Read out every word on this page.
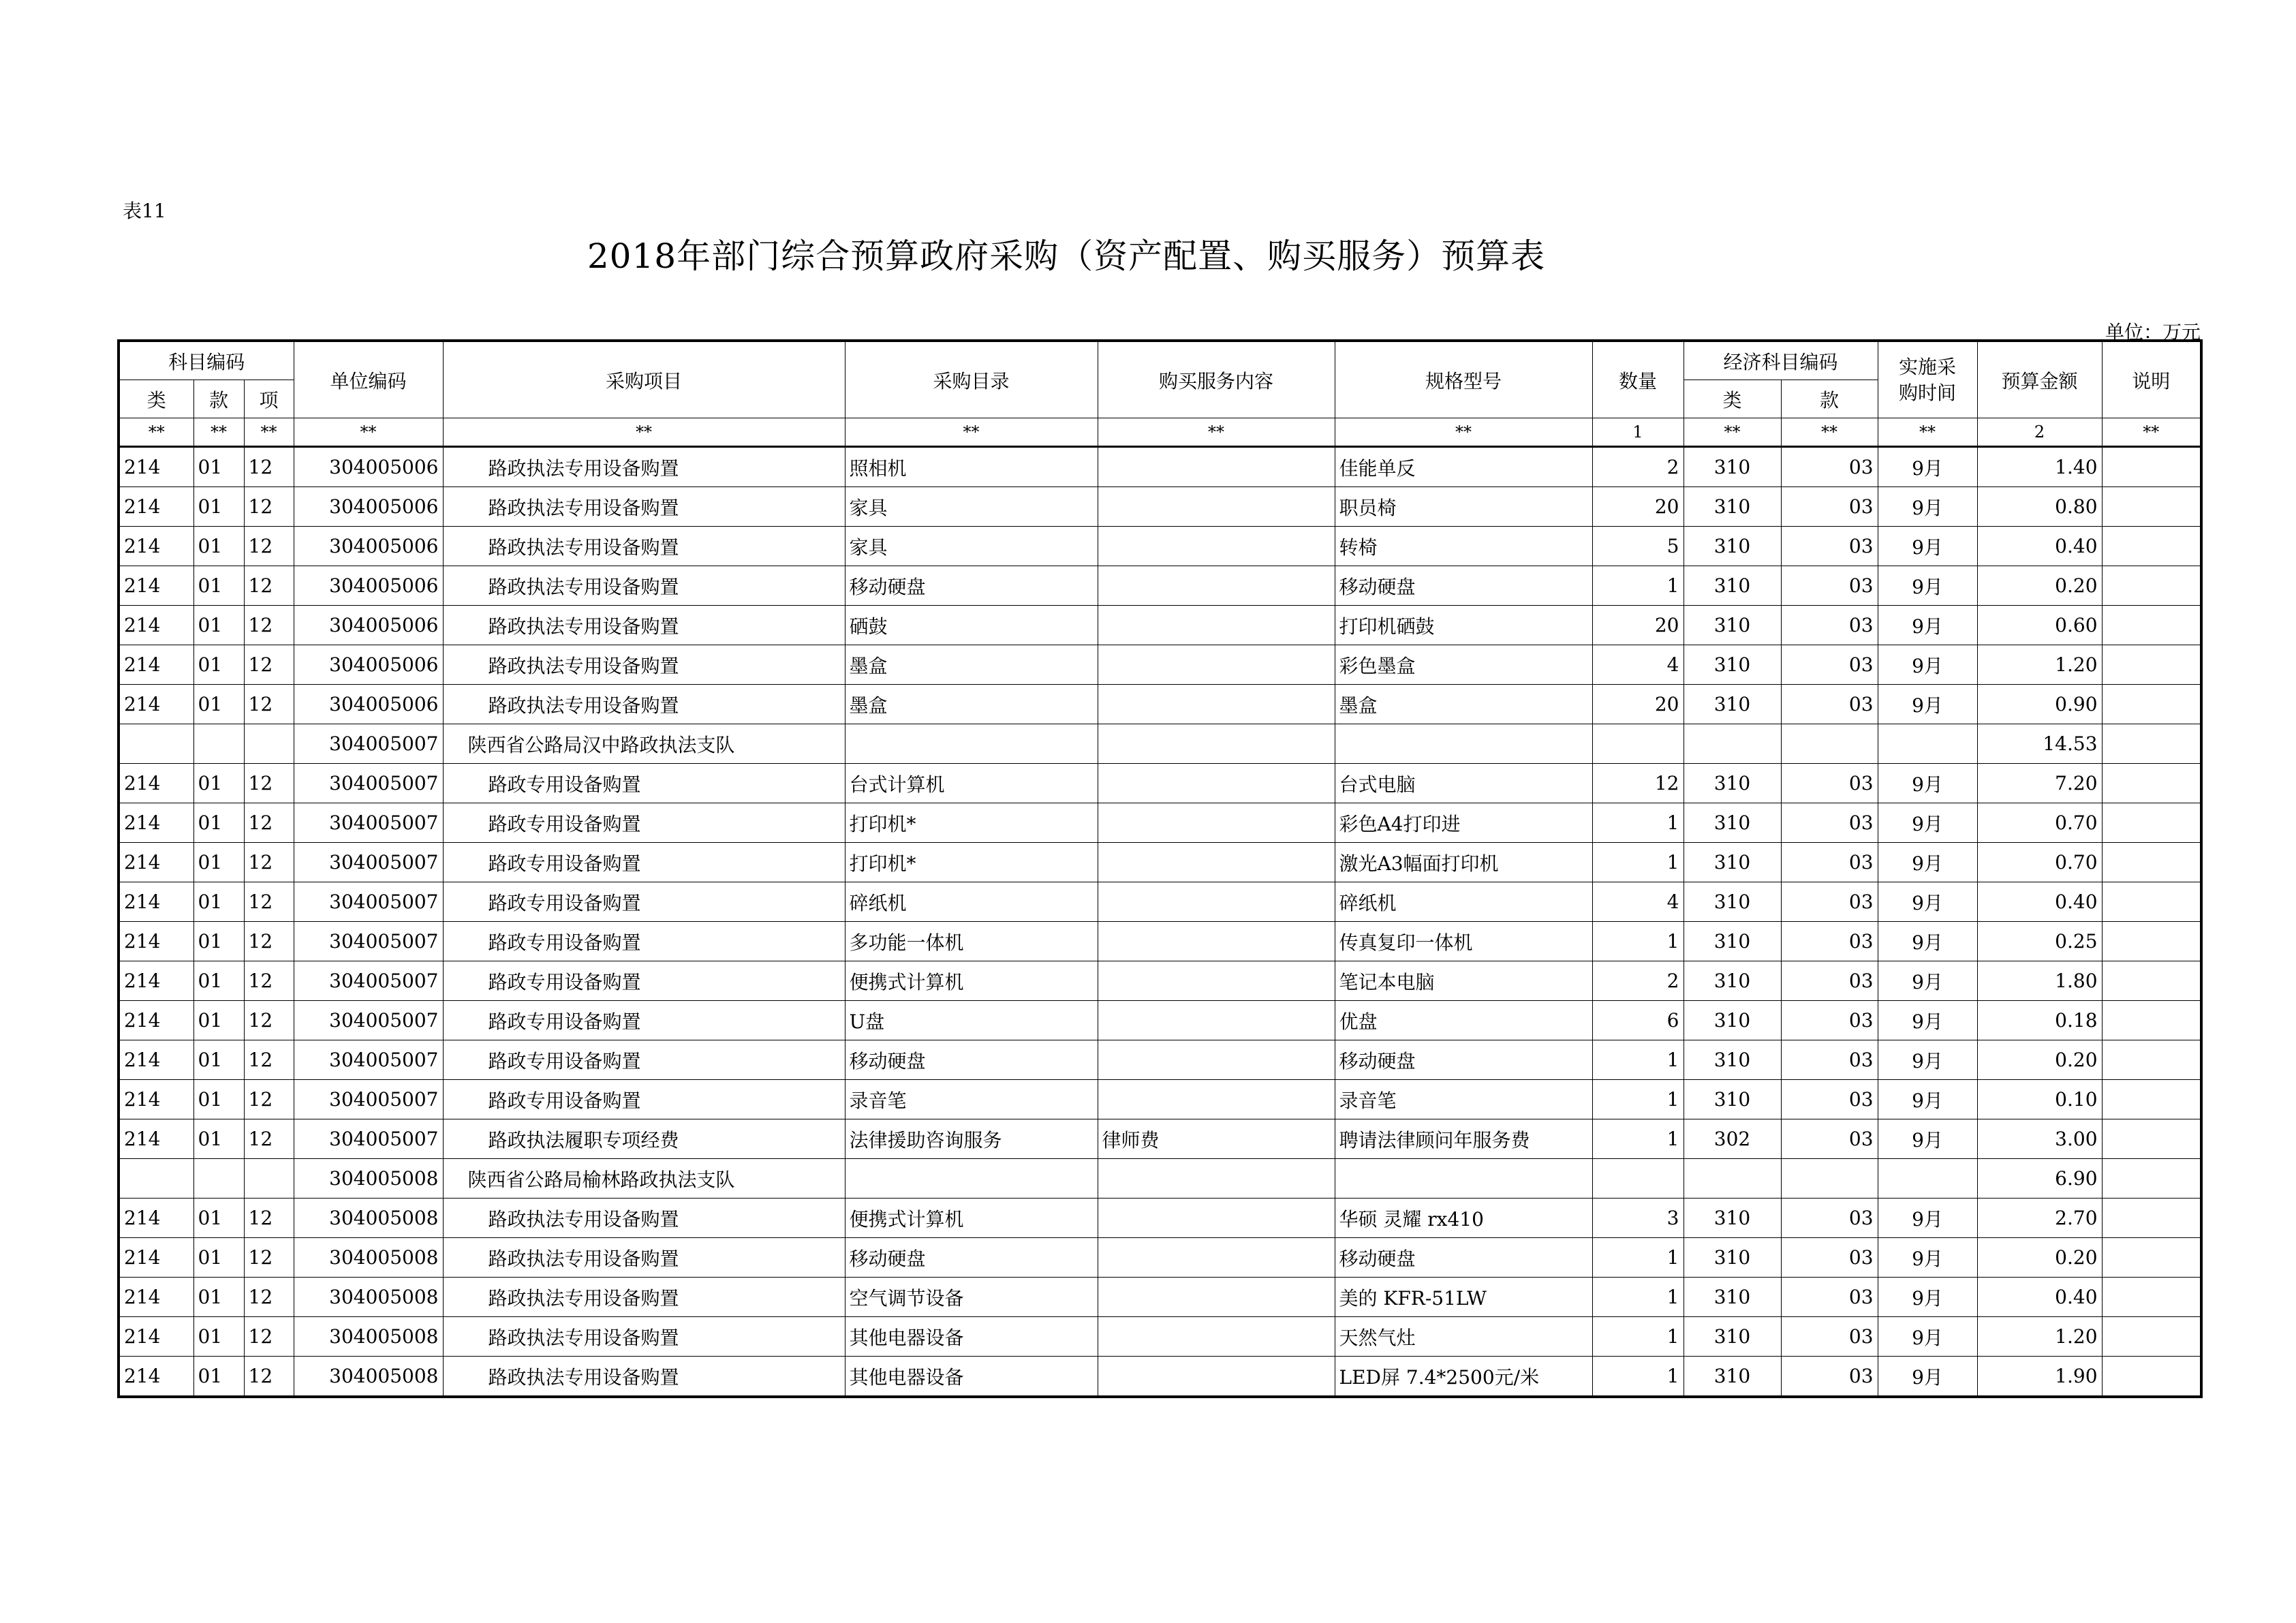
表11
2018年部门综合预算政府采购（资产配置、购买服务）预算表
单位：万元
科目编码			单位编码	采购项目	采购目录	购买服务内容	规格型号	数量	经济科目编码		实施采购时间	预算金额	说明
类	款	项							类	款			
**	**	**	**	**	**	**	**	1	**	**	**	2	**
214	01	12	304005006	路政执法专用设备购置	照相机		佳能单反	2	310	03	9月	1.40	
214	01	12	304005006	路政执法专用设备购置	家具		职员椅	20	310	03	9月	0.80	
214	01	12	304005006	路政执法专用设备购置	家具		转椅	5	310	03	9月	0.40	
214	01	12	304005006	路政执法专用设备购置	移动硬盘		移动硬盘	1	310	03	9月	0.20	
214	01	12	304005006	路政执法专用设备购置	硒鼓		打印机硒鼓	20	310	03	9月	0.60	
214	01	12	304005006	路政执法专用设备购置	墨盒		彩色墨盒	4	310	03	9月	1.20	
214	01	12	304005006	路政执法专用设备购置	墨盒		墨盒	20	310	03	9月	0.90	
			304005007	陕西省公路局汉中路政执法支队								14.53	
214	01	12	304005007	路政专用设备购置	台式计算机		台式电脑	12	310	03	9月	7.20	
214	01	12	304005007	路政专用设备购置	打印机*		彩色A4打印进	1	310	03	9月	0.70	
214	01	12	304005007	路政专用设备购置	打印机*		激光A3幅面打印机	1	310	03	9月	0.70	
214	01	12	304005007	路政专用设备购置	碎纸机		碎纸机	4	310	03	9月	0.40	
214	01	12	304005007	路政专用设备购置	多功能一体机		传真复印一体机	1	310	03	9月	0.25	
214	01	12	304005007	路政专用设备购置	便携式计算机		笔记本电脑	2	310	03	9月	1.80	
214	01	12	304005007	路政专用设备购置	U盘		优盘	6	310	03	9月	0.18	
214	01	12	304005007	路政专用设备购置	移动硬盘		移动硬盘	1	310	03	9月	0.20	
214	01	12	304005007	路政专用设备购置	录音笔		录音笔	1	310	03	9月	0.10	
214	01	12	304005007	路政执法履职专项经费	法律援助咨询服务	律师费	聘请法律顾问年服务费	1	302	03	9月	3.00	
			304005008	陕西省公路局榆林路政执法支队								6.90	
214	01	12	304005008	路政执法专用设备购置	便携式计算机		华硕 灵耀 rx410	3	310	03	9月	2.70	
214	01	12	304005008	路政执法专用设备购置	移动硬盘		移动硬盘	1	310	03	9月	0.20	
214	01	12	304005008	路政执法专用设备购置	空气调节设备		美的 KFR-51LW	1	310	03	9月	0.40	
214	01	12	304005008	路政执法专用设备购置	其他电器设备		天然气灶	1	310	03	9月	1.20	
214	01	12	304005008	路政执法专用设备购置	其他电器设备		LED屏 7.4*2500元/米	1	310	03	9月	1.90	
